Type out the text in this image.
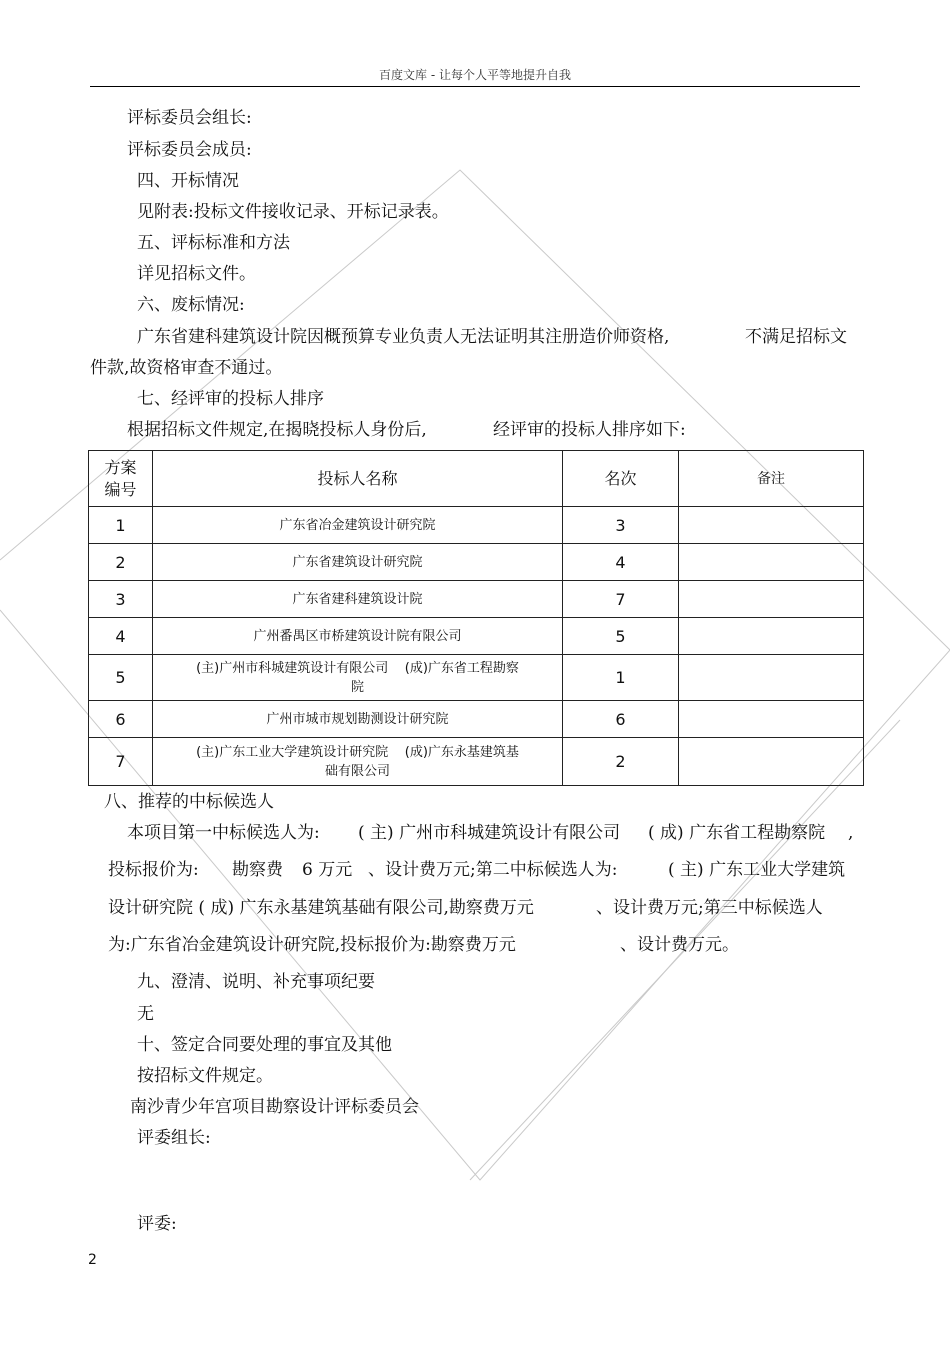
百度文库 - 让每个人平等地提升自我
评标委员会组长:
评标委员会成员:
四、开标情况
见附表:投标文件接收记录、开标记录表。
五、评标标准和方法
详见招标文件。
六、废标情况:
广东省建科建筑设计院因概预算专业负责人无法证明其注册造价师资格,	不满足招标文
件款,故资格审查不通过。
七、经评审的投标人排序
根据招标文件规定,在揭晓投标人身份后,	经评审的投标人排序如下:
方案
编号	投标人名称	名次	备注
1	广东省冶金建筑设计研究院	3	
2	广东省建筑设计研究院	4	
3	广东省建科建筑设计院	7	
4	广州番禺区市桥建筑设计院有限公司	5	
5	(主)广州市科城建筑设计有限公司    (成)广东省工程勘察
院	1	
6	广州市城市规划勘测设计研究院	6	
7	(主)广东工业大学建筑设计研究院    (成)广东永基建筑基
础有限公司	2	
八、推荐的中标候选人
本项目第一中标候选人为: ( 主) 广州市科城建筑设计有限公司 ( 成) 广东省工程勘察院 ,
投标报价为: 勘察费 6 万元 、设计费万元;第二中标候选人为:	( 主) 广东工业大学建筑
设计研究院 ( 成) 广东永基建筑基础有限公司,勘察费万元	、设计费万元;第三中标候选人
为:广东省冶金建筑设计研究院,投标报价为:勘察费万元	、设计费万元。
九、澄清、说明、补充事项纪要
无
十、签定合同要处理的事宜及其他
按招标文件规定。
南沙青少年宫项目勘察设计评标委员会
评委组长:
评委:
2
